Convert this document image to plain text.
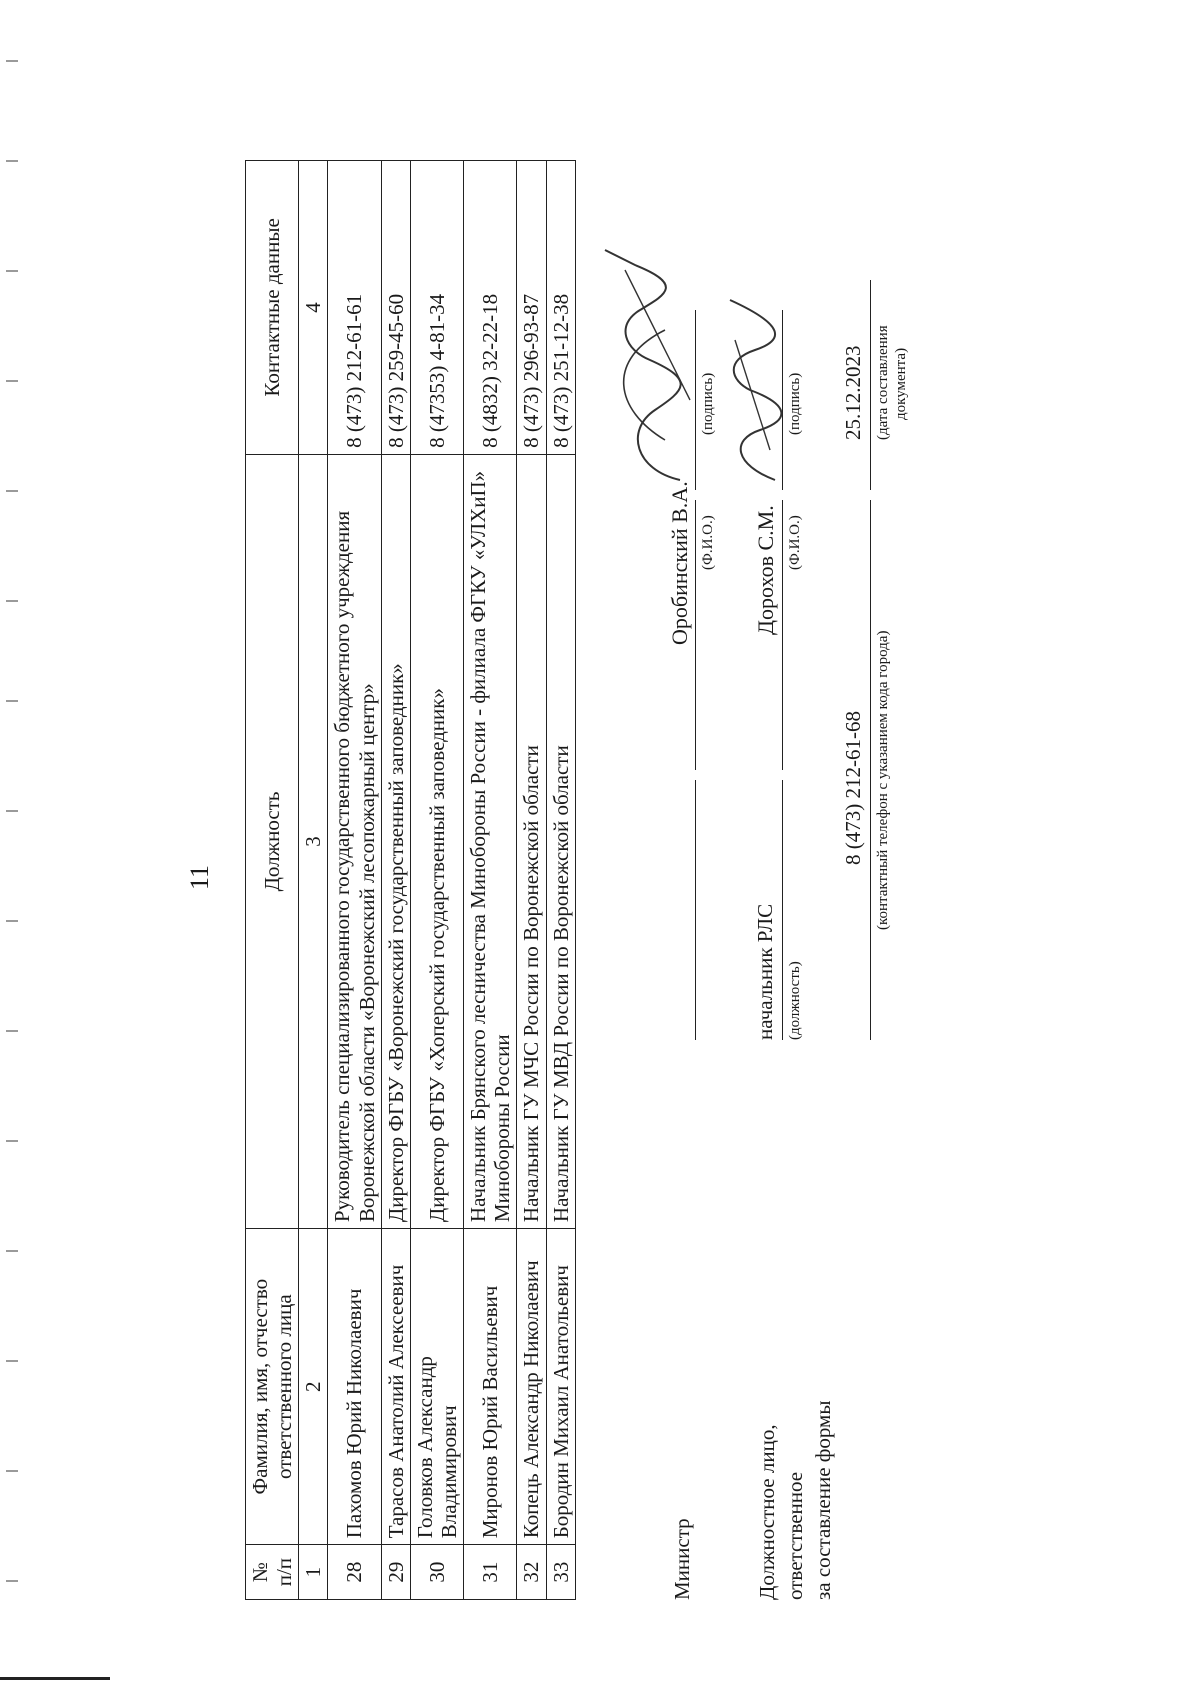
11
№ п/п	Фамилия, имя, отчество ответственного лица	Должность	Контактные данные
1	2	3	4
28	Пахомов Юрий Николаевич	Руководитель специализированного государственного бюджетного учреждения Воронежской области «Воронежский лесопожарный центр»	8 (473) 212-61-61
29	Тарасов Анатолий Алексеевич	Директор ФГБУ «Воронежский государственный заповедник»	8 (473) 259-45-60
30	Головков Александр Владимирович	Директор ФГБУ «Хоперский государственный заповедник»	8 (47353) 4-81-34
31	Миронов Юрий Васильевич	Начальник Брянского лесничества Минобороны России - филиала ФГКУ «УЛХиП» Минобороны России	8 (4832) 32-22-18
32	Копець Александр Николаевич	Начальник ГУ МЧС России по Воронежской области	8 (473) 296-93-87
33	Бородин Михаил Анатольевич	Начальник ГУ МВД России по Воронежской области	8 (473) 251-12-38
Министр
Оробинский В.А. (Ф.И.О.)
(подпись)
Должностное лицо, ответственное за составление формы
начальник РЛС (должность)
Дорохов С.М. (Ф.И.О.)
(подпись)
8 (473) 212-61-68 (контактный телефон с указанием кода города)
25.12.2023 (дата составления документа)
